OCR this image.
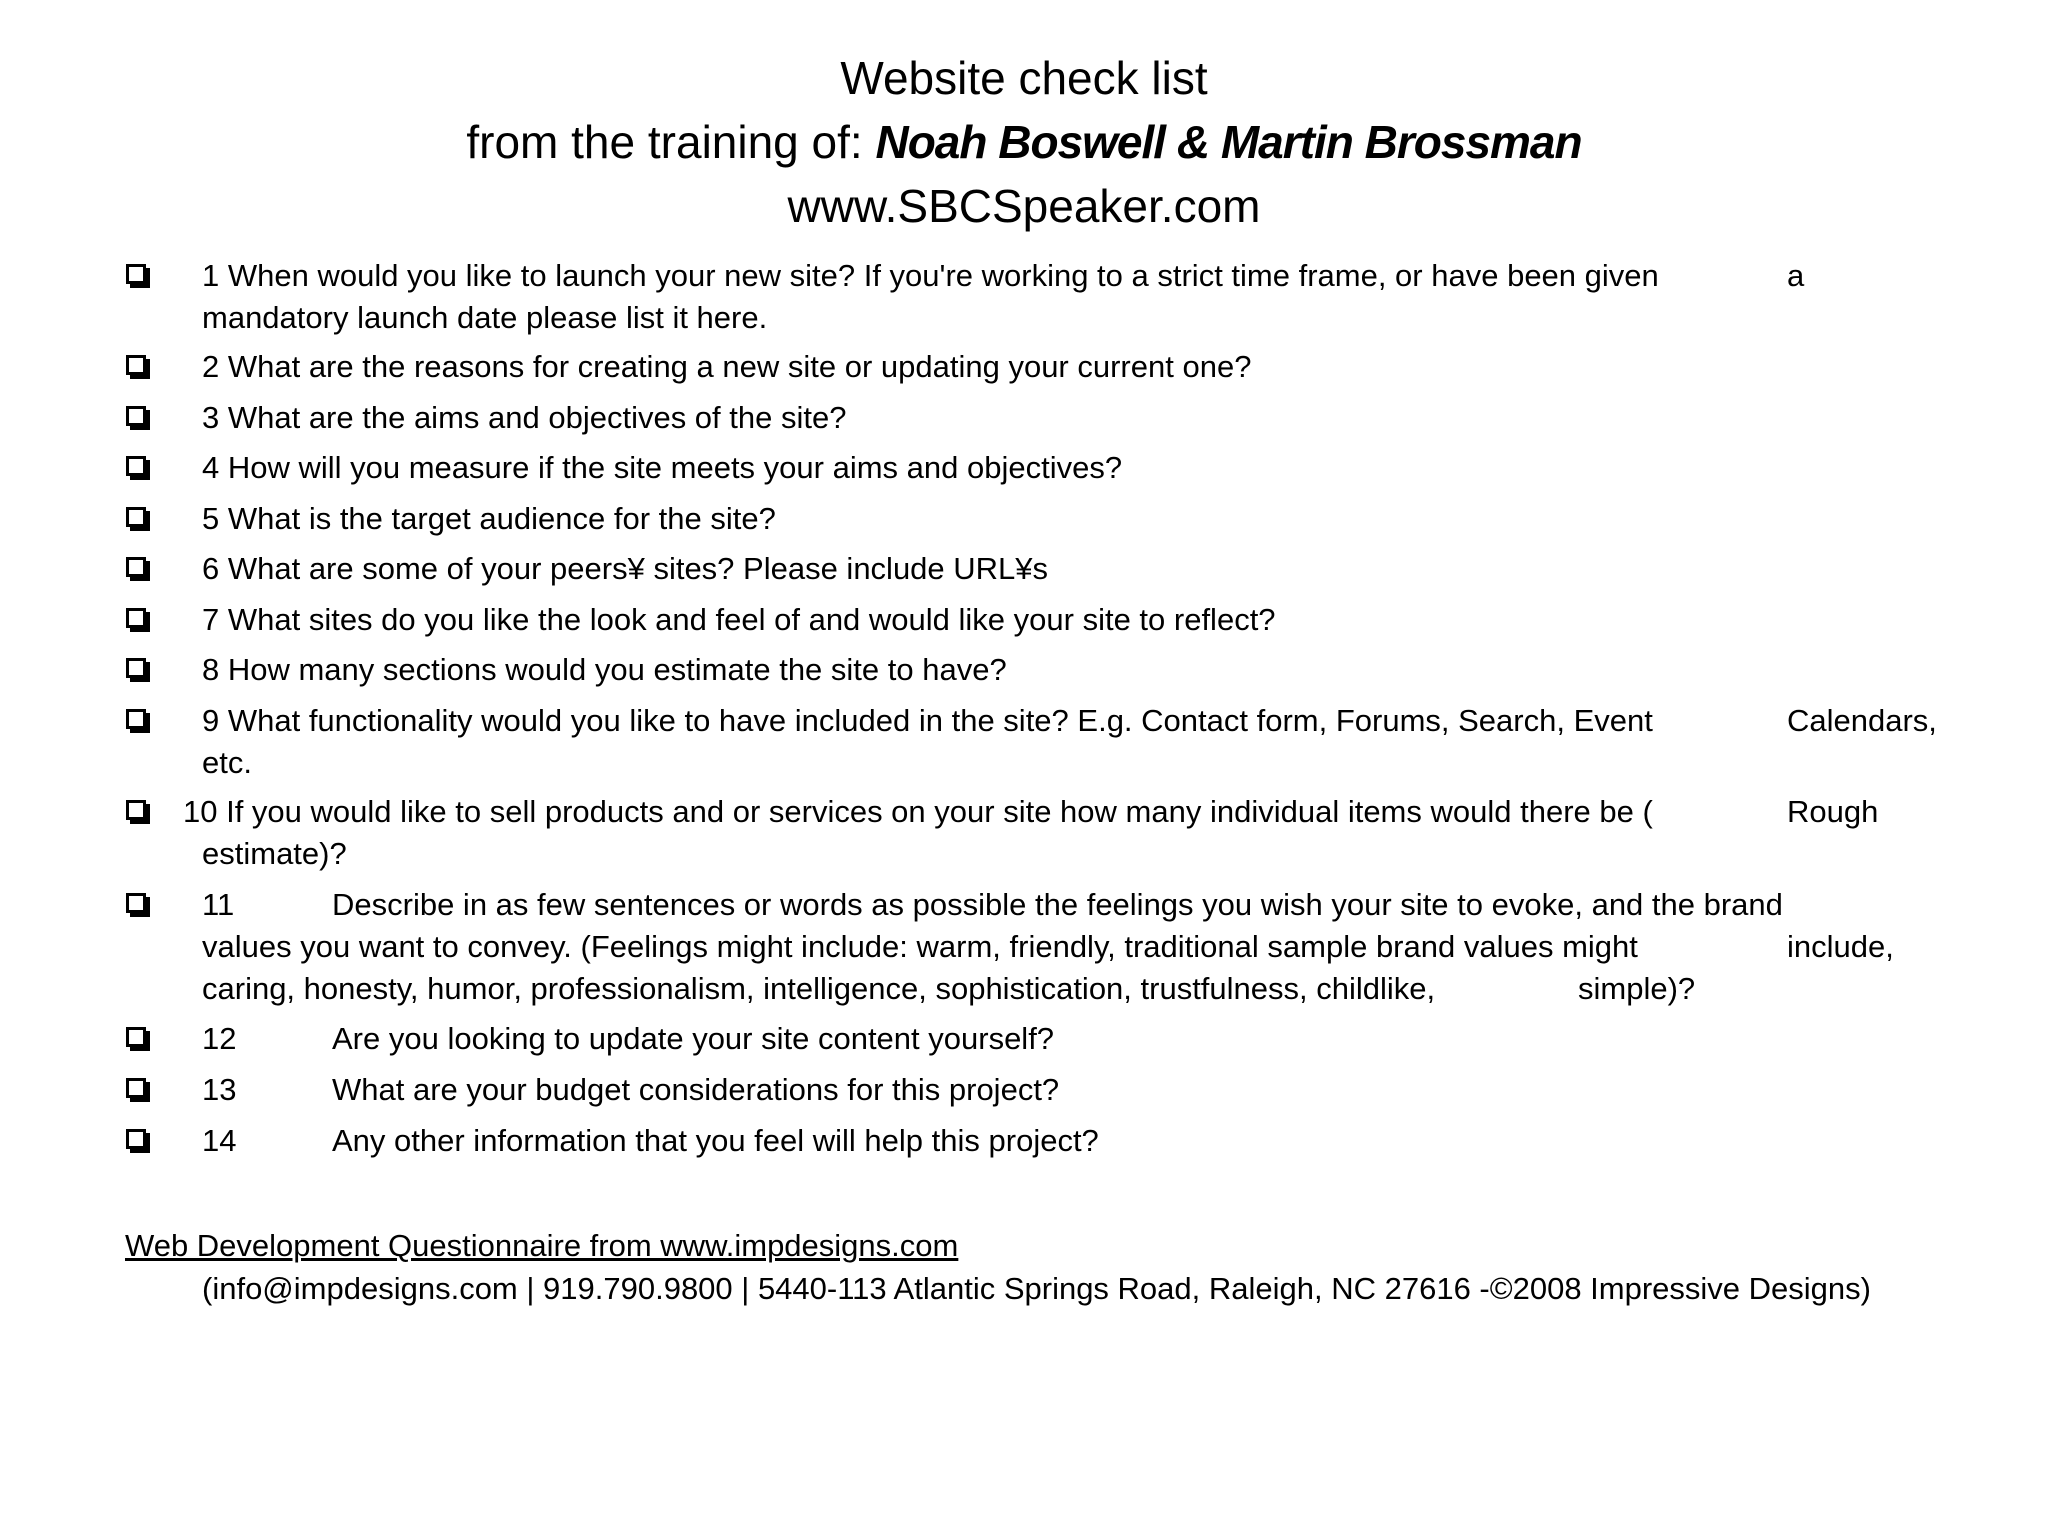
Website check list
from the training of: Noah Boswell & Martin Brossman
www.SBCSpeaker.com
1 When would you like to launch your new site? If you're working to a strict time frame, or have been given	a
mandatory launch date please list it here.
2 What are the reasons for creating a new site or updating your current one?
3 What are the aims and objectives of the site?
4 How will you measure if the site meets your aims and objectives?
5 What is the target audience for the site?
6 What are some of your peers¥ sites? Please include URL¥s
7 What sites do you like the look and feel of and would like your site to reflect?
8 How many sections would you estimate the site to have?
9 What functionality would you like to have included in the site? E.g. Contact form, Forums, Search, Event	Calendars,
etc.
10 If you would like to sell products and or services on your site how many individual items would there be (	Rough
estimate)?
11	Describe in as few sentences or words as possible the feelings you wish your site to evoke, and the brand
values you want to convey. (Feelings might include: warm, friendly, traditional sample brand values might	include,
caring, honesty, humor, professionalism, intelligence, sophistication, trustfulness, childlike,	simple)?
12	Are you looking to update your site content yourself?
13	What are your budget considerations for this project?
14	Any other information that you feel will help this project?
Web Development Questionnaire from www.impdesigns.com
(info@impdesigns.com | 919.790.9800 | 5440-113 Atlantic Springs Road, Raleigh, NC 27616 -©2008 Impressive Designs)
